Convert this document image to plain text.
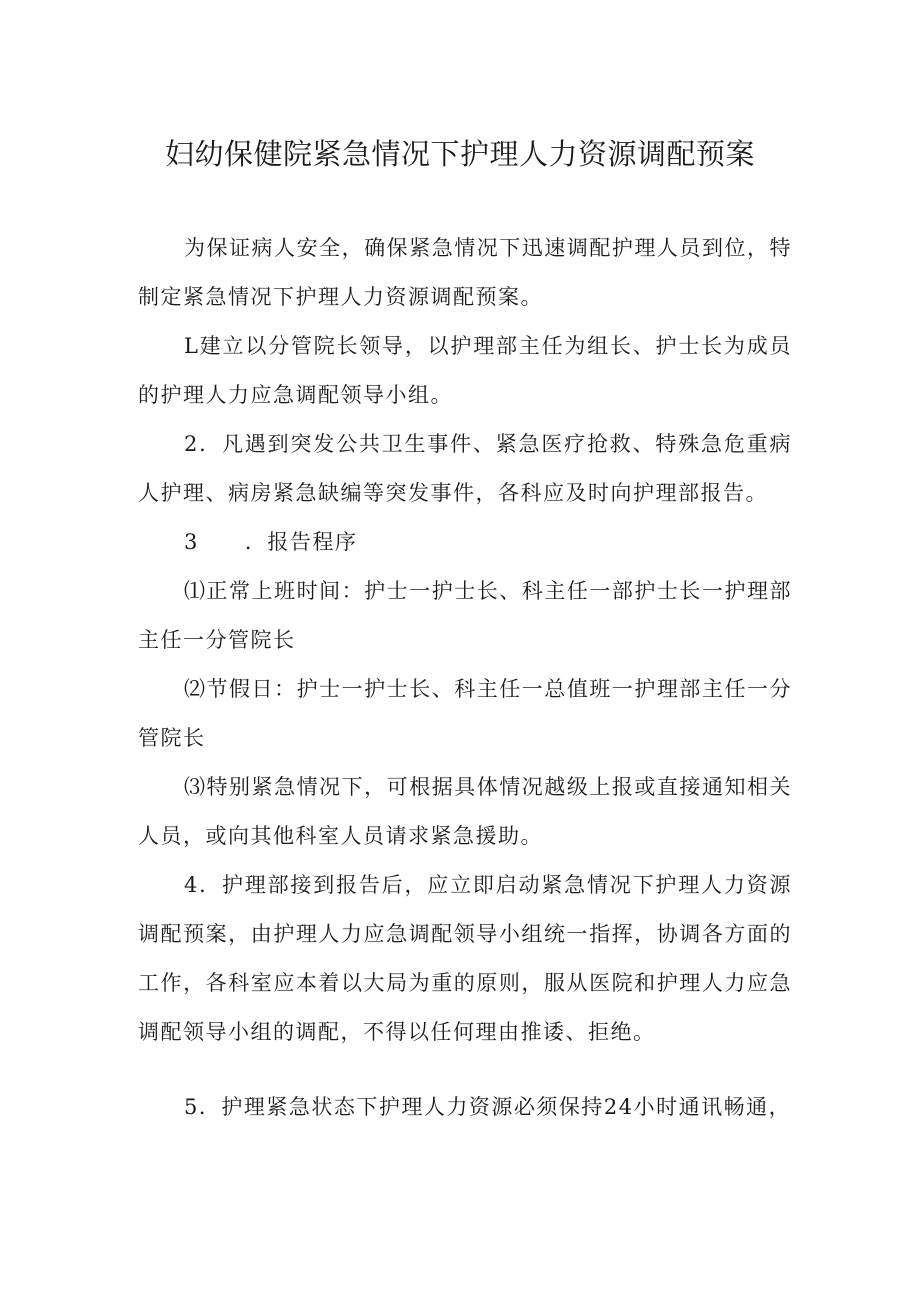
妇幼保健院紧急情况下护理人力资源调配预案

为保证病人安全，确保紧急情况下迅速调配护理人员到位，特制定紧急情况下护理人力资源调配预案。

L建立以分管院长领导，以护理部主任为组长、护士长为成员的护理人力应急调配领导小组。

2．凡遇到突发公共卫生事件、紧急医疗抢救、特殊急危重病人护理、病房紧急缺编等突发事件，各科应及时向护理部报告。

3 ．报告程序

⑴正常上班时间：护士一护士长、科主任一部护士长一护理部主任一分管院长

⑵节假日：护士一护士长、科主任一总值班一护理部主任一分管院长

⑶特别紧急情况下，可根据具体情况越级上报或直接通知相关人员，或向其他科室人员请求紧急援助。

4．护理部接到报告后，应立即启动紧急情况下护理人力资源调配预案，由护理人力应急调配领导小组统一指挥，协调各方面的工作，各科室应本着以大局为重的原则，服从医院和护理人力应急调配领导小组的调配，不得以任何理由推诿、拒绝。

5．护理紧急状态下护理人力资源必须保持24小时通讯畅通，
